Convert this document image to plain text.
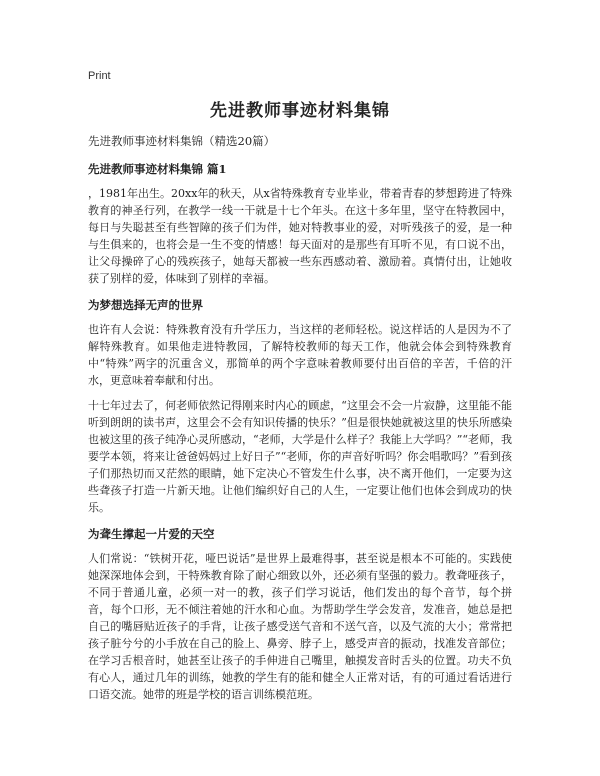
Print
先进教师事迹材料集锦
先进教师事迹材料集锦（精选20篇）
先进教师事迹材料集锦 篇1

，1981年出生。20xx年的秋天，从x省特殊教育专业毕业，带着青春的梦想跨进了特殊教育的神圣行列，在教学一线一干就是十七个年头。在这十多年里，坚守在特教园中，每日与失聪甚至有些智障的孩子们为伴，她对特教事业的爱，对听残孩子的爱，是一种与生俱来的，也将会是一生不变的情感！每天面对的是那些有耳听不见，有口说不出，让父母操碎了心的残疾孩子，她每天都被一些东西感动着、激励着。真情付出，让她收获了别样的爱，体味到了别样的幸福。

为梦想选择无声的世界

也许有人会说：特殊教育没有升学压力，当这样的老师轻松。说这样话的人是因为不了解特殊教育。如果他走进特教园，了解特校教师的每天工作，他就会体会到特殊教育中“特殊”两字的沉重含义，那简单的两个字意味着教师要付出百倍的辛苦，千倍的汗水，更意味着奉献和付出。

十七年过去了，何老师依然记得刚来时内心的顾虑，“这里会不会一片寂静，这里能不能听到朗朗的读书声，这里会不会有知识传播的快乐？”但是很快她就被这里的快乐所感染也被这里的孩子纯净心灵所感动，“老师，大学是什么样子？我能上大学吗？”“老师，我要学本领，将来让爸爸妈妈过上好日子”“老师，你的声音好听吗？你会唱歌吗？”看到孩子们那热切而又茫然的眼睛，她下定决心不管发生什么事，决不离开他们，一定要为这些聋孩子打造一片新天地。让他们编织好自己的人生，一定要让他们也体会到成功的快乐。

为聋生撑起一片爱的天空

人们常说：“铁树开花，哑巴说话”是世界上最难得事，甚至说是根本不可能的。实践使她深深地体会到，干特殊教育除了耐心细致以外，还必须有坚强的毅力。教聋哑孩子，不同于普通儿童，必须一对一的教，孩子们学习说话，他们发出的每个音节，每个拼音，每个口形，无不倾注着她的汗水和心血。为帮助学生学会发音，发准音，她总是把自己的嘴唇贴近孩子的手背，让孩子感受送气音和不送气音，以及气流的大小；常常把孩子脏兮兮的小手放在自己的脸上、鼻旁、脖子上，感受声音的振动，找准发音部位；在学习舌根音时，她甚至让孩子的手伸进自己嘴里，触摸发音时舌头的位置。功夫不负有心人，通过几年的训练，她教的学生有的能和健全人正常对话，有的可通过看话进行口语交流。她带的班是学校的语言训练模范班。
